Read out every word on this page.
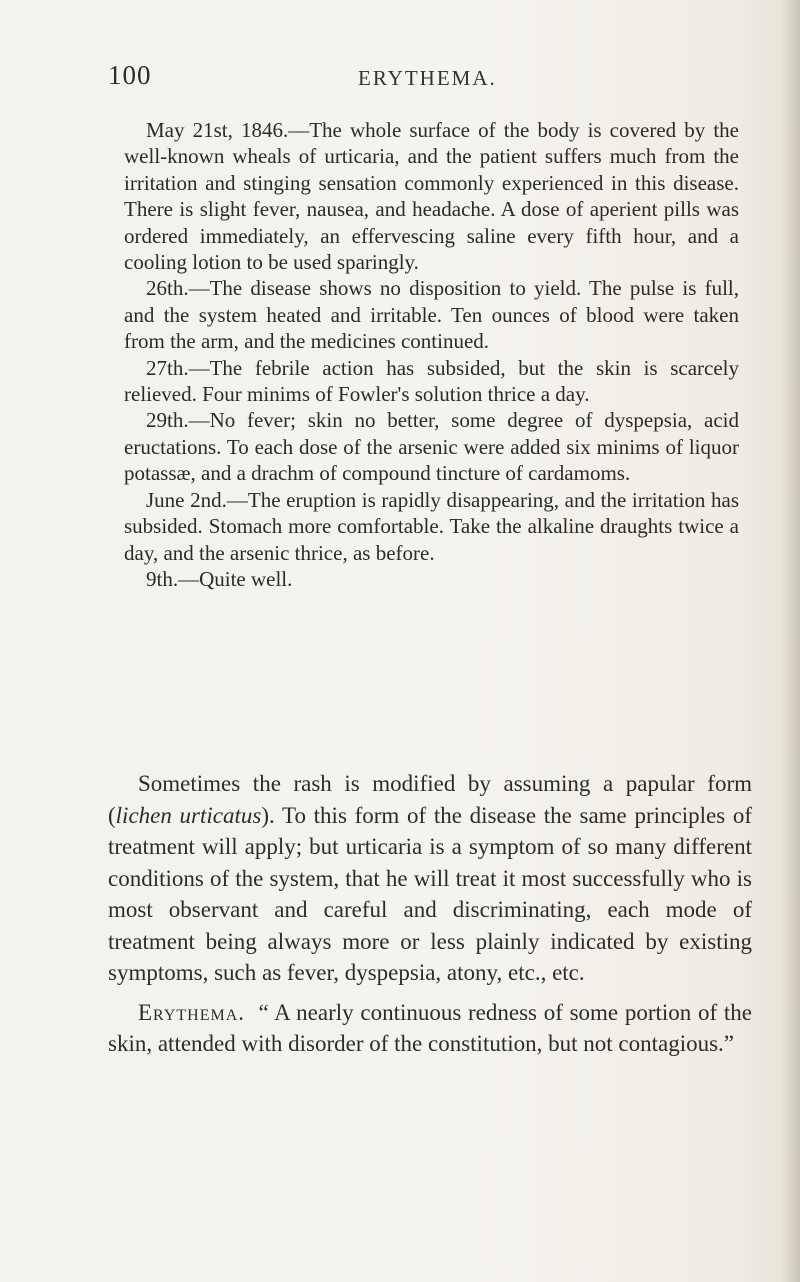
100	ERYTHEMA.

May 21st, 1846.—The whole surface of the body is covered by the well-known wheals of urticaria, and the patient suffers much from the irritation and stinging sensation commonly experienced in this disease. There is slight fever, nausea, and headache. A dose of aperient pills was ordered immediately, an effervescing saline every fifth hour, and a cooling lotion to be used sparingly.

26th.—The disease shows no disposition to yield. The pulse is full, and the system heated and irritable. Ten ounces of blood were taken from the arm, and the medicines continued.

27th.—The febrile action has subsided, but the skin is scarcely relieved. Four minims of Fowler's solution thrice a day.

29th.—No fever; skin no better, some degree of dyspepsia, acid eructations. To each dose of the arsenic were added six minims of liquor potassæ, and a drachm of compound tincture of cardamoms.

June 2nd.—The eruption is rapidly disappearing, and the irritation has subsided. Stomach more comfortable. Take the alkaline draughts twice a day, and the arsenic thrice, as before.

9th.—Quite well.

Sometimes the rash is modified by assuming a papular form (lichen urticatus). To this form of the disease the same principles of treatment will apply; but urticaria is a symptom of so many different conditions of the system, that he will treat it most successfully who is most observant and careful and discriminating, each mode of treatment being always more or less plainly indicated by existing symptoms, such as fever, dyspepsia, atony, etc., etc.

Erythema. “ A nearly continuous redness of some portion of the skin, attended with disorder of the constitution, but not contagious.”
